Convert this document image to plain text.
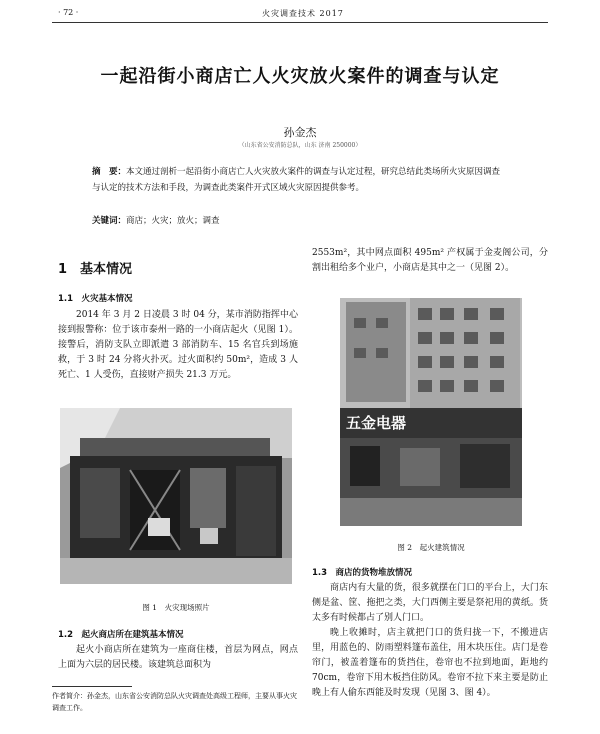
· 72 ·	火灾调查技术 2017
一起沿街小商店亡人火灾放火案件的调查与认定
孙金杰
（山东省公安消防总队，山东 济南 250000）
摘　要：本文通过剖析一起沿街小商店亡人火灾放火案件的调查与认定过程，研究总结此类场所火灾原因调查与认定的技术方法和手段，为调查此类案件开式区域火灾原因提供参考。
关键词：商店；火灾；放火；调查
1　基本情况
1.1　火灾基本情况

2014 年 3 月 2 日凌晨 3 时 04 分，某市消防指挥中心接到报警称：位于该市泰州一路的一小商店起火（见图 1）。接警后，消防支队立即派遣 3 部消防车、15 名官兵到场施救，于 3 时 24 分将火扑灭。过火面积约 50m²，造成 3 人死亡、1 人受伤，直接财产损失 21.3 万元。

图 1　火灾现场照片
1.2　起火商店所在建筑基本情况

起火小商店所在建筑为一座商住楼，首层为网点，网点上面为六层的居民楼。该建筑总面积为

作者简介：孙金杰，山东省公安消防总队火灾调查处高级工程师，主要从事火灾调查工作。

2553m²，其中网点面积 495m² 产权属于金麦阁公司，分割出租给多个业户，小商店是其中之一（见图 2）。

五金电器
图 2　起火建筑情况
1.3　商店的货物堆放情况

商店内有大量的货，很多就摆在门口的平台上，大门东侧是盆、筐、拖把之类，大门西侧主要是祭祀用的黄纸。货太多有时候都占了别人门口。

晚上收摊时，店主就把门口的货归拢一下，不搬进店里，用蓝色的、防雨塑料篷布盖住，用木块压住。店门是卷帘门，被盖着篷布的货挡住，卷帘也不拉到地面，距地约 70cm，卷帘下用木板挡住防风。卷帘不拉下来主要是防止晚上有人偷东西能及时发现（见图 3、图 4）。
